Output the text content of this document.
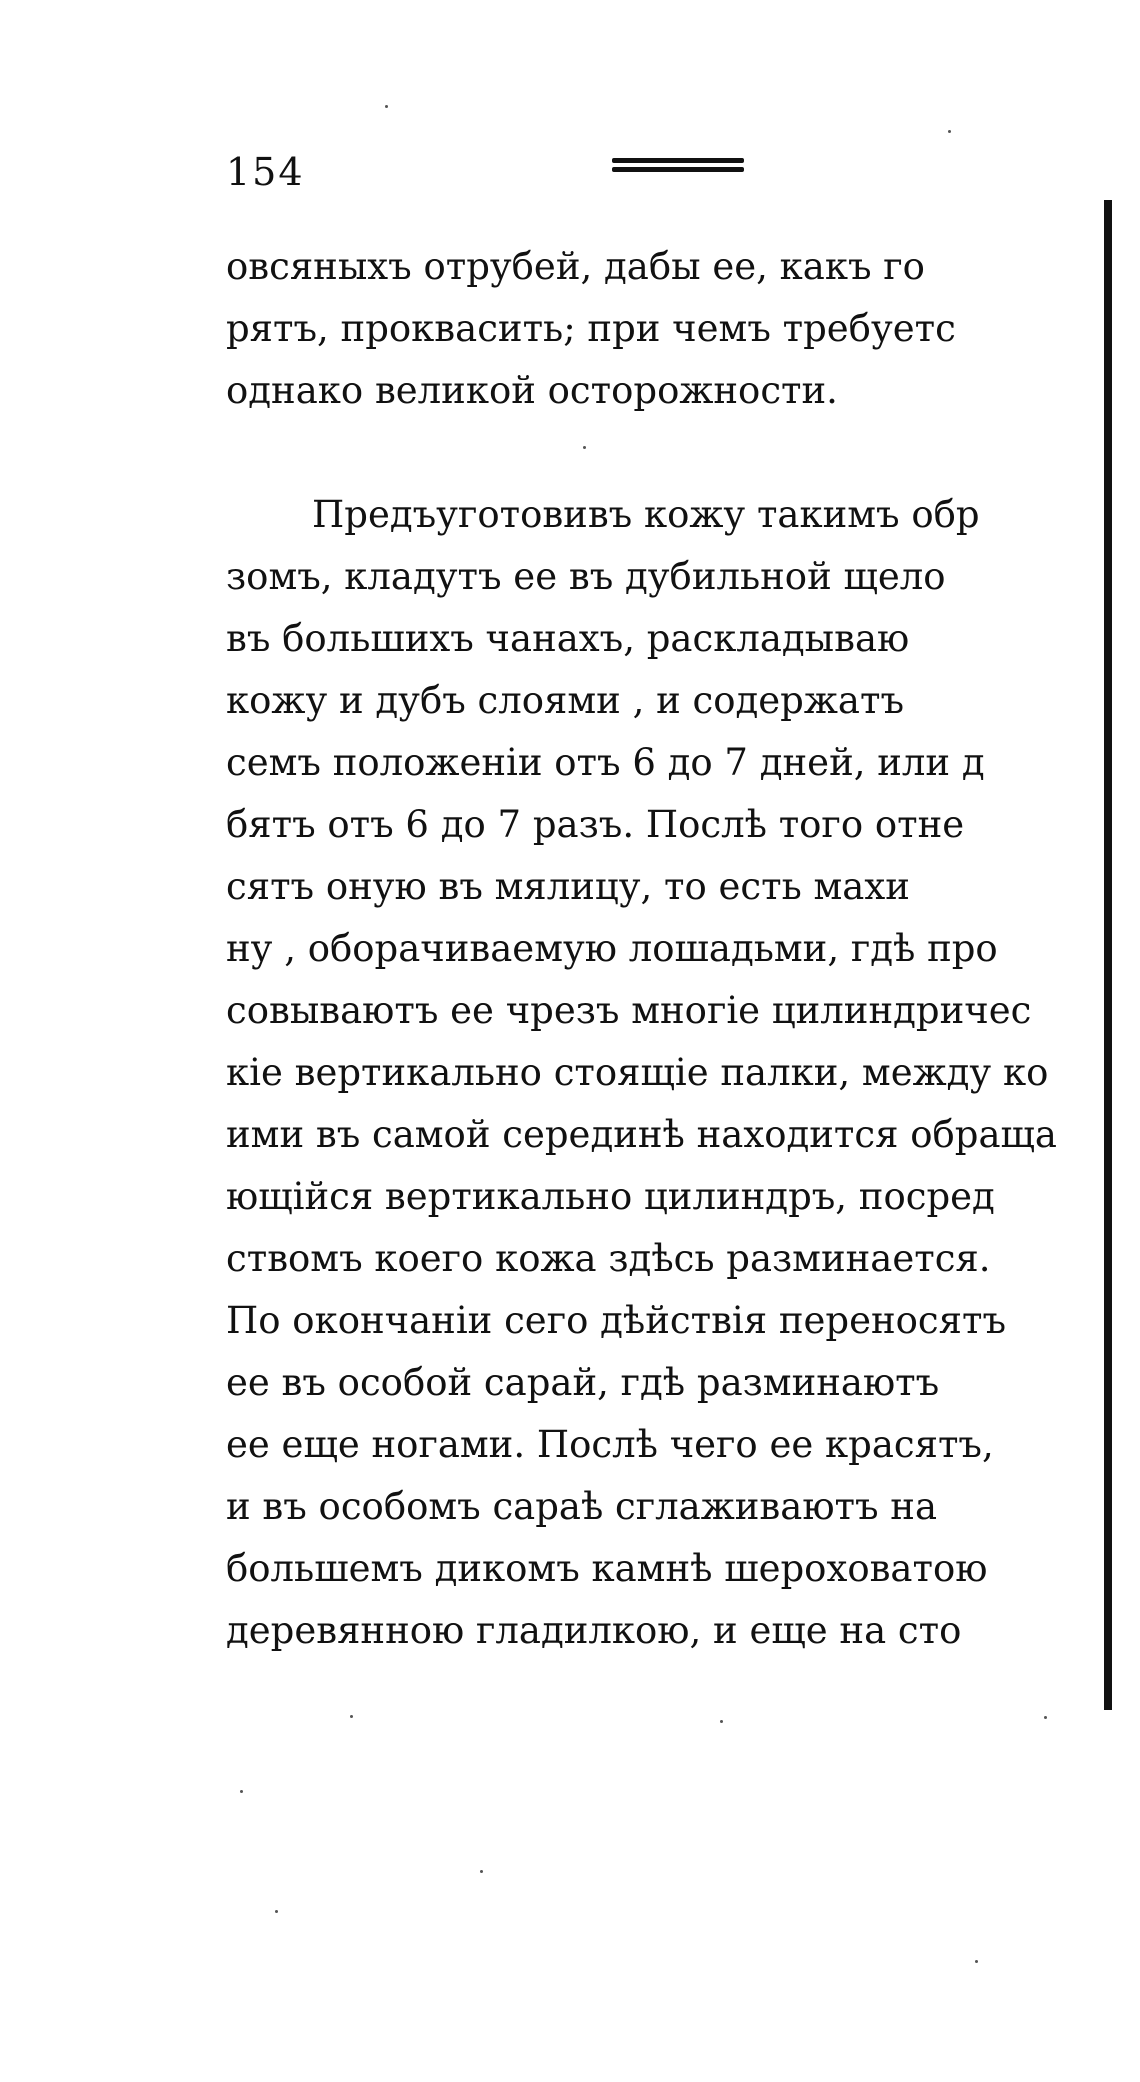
154
овсяныхъ отрубей, дабы ее, какъ го
рятъ, проквасить; при чемъ требуетс
однако великой осторожности.
Предъуготовивъ кожу такимъ обр
зомъ, кладутъ ее въ дубильной щело
въ большихъ чанахъ, раскладываю
кожу и дубъ слоями , и содержатъ
семъ положенiи отъ 6 до 7 дней, или д
бятъ отъ 6 до 7 разъ. Послѣ того отне
сятъ оную въ мялицу, то есть махи
ну , оборачиваемую лошадьми, гдѣ про
совываютъ ее чрезъ многiе цилиндричес
кiе вертикально стоящiе палки, между ко
ими въ самой серединѣ находится обраща
ющiйся вертикально цилиндръ, посред
ствомъ коего кожа здѣсь разминается.
По окончанiи сего дѣйствiя переносятъ
ее въ особой сарай, гдѣ разминаютъ
ее еще ногами. Послѣ чего ее красятъ,
и въ особомъ сараѣ сглаживаютъ на
большемъ дикомъ камнѣ шероховатою
деревянною гладилкою, и еще на сто
